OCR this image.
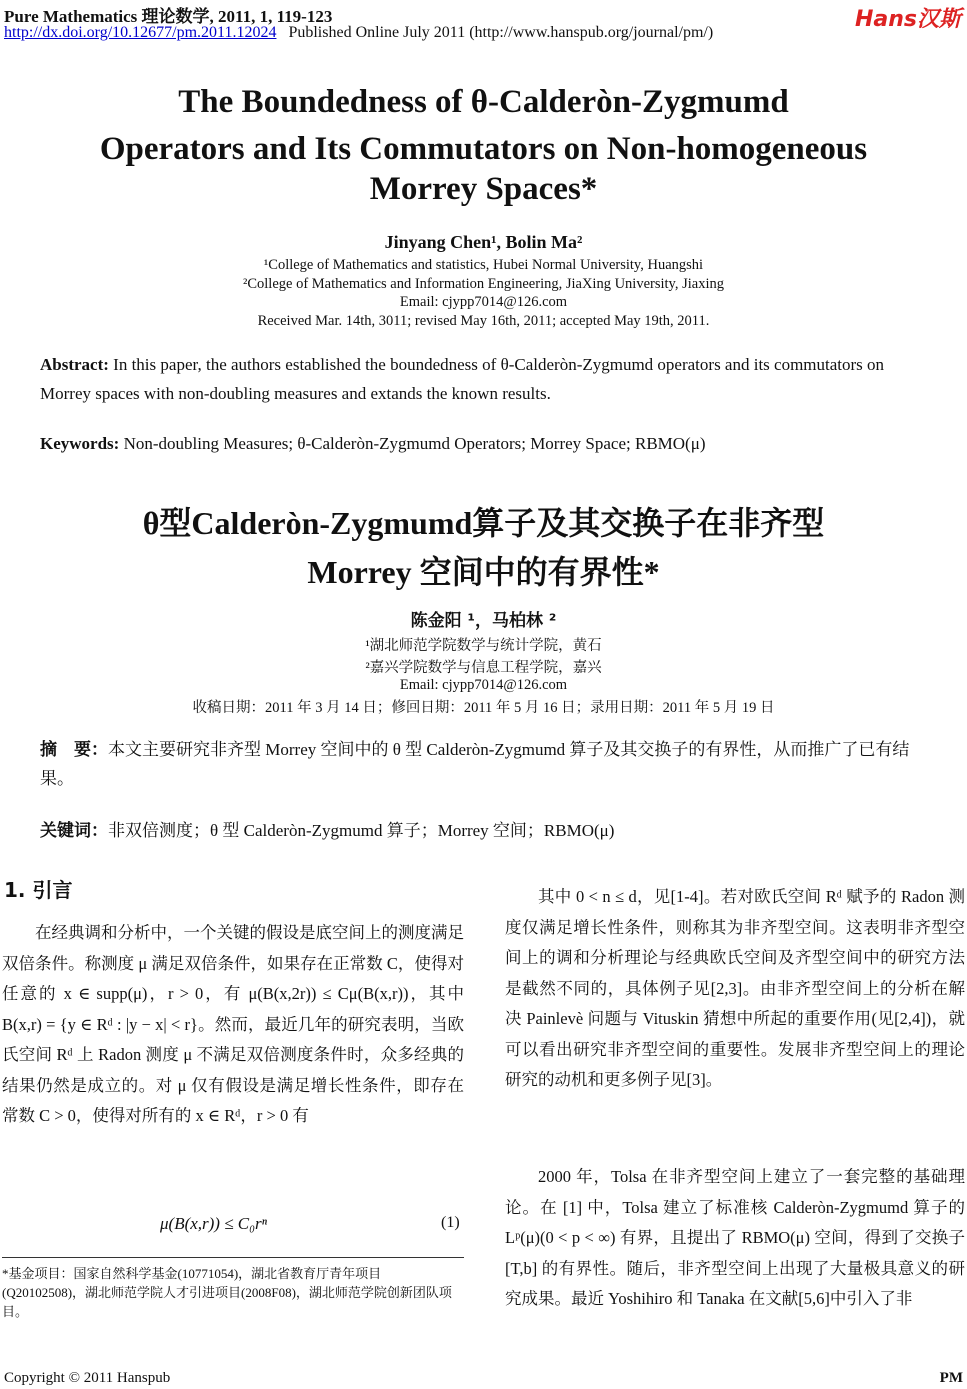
Pure Mathematics 理论数学, 2011, 1, 119-123
http://dx.doi.org/10.12677/pm.2011.12024 Published Online July 2011 (http://www.hanspub.org/journal/pm/)
Hans汉斯
The Boundedness of θ-Calderòn-Zygmumd
Operators and Its Commutators on Non-homogeneous
Morrey Spaces*
Jinyang Chen¹, Bolin Ma²
¹College of Mathematics and statistics, Hubei Normal University, Huangshi
²College of Mathematics and Information Engineering, JiaXing University, Jiaxing
Email: cjypp7014@126.com
Received Mar. 14th, 3011; revised May 16th, 2011; accepted May 19th, 2011.
Abstract: In this paper, the authors established the boundedness of θ-Calderòn-Zygmumd operators and its commutators on Morrey spaces with non-doubling measures and extands the known results.
Keywords: Non-doubling Measures; θ-Calderòn-Zygmumd Operators; Morrey Space; RBMO(μ)
θ型Calderòn-Zygmumd算子及其交换子在非齐型
Morrey 空间中的有界性*
陈金阳 ¹，马柏林 ²
¹湖北师范学院数学与统计学院，黄石
²嘉兴学院数学与信息工程学院，嘉兴
Email: cjypp7014@126.com
收稿日期：2011 年 3 月 14 日；修回日期：2011 年 5 月 16 日；录用日期：2011 年 5 月 19 日
摘　要：本文主要研究非齐型 Morrey 空间中的 θ 型 Calderòn-Zygmumd 算子及其交换子的有界性，从而推广了已有结果。
关键词：非双倍测度；θ 型 Calderòn-Zygmumd 算子；Morrey 空间；RBMO(μ)
1. 引言
在经典调和分析中，一个关键的假设是底空间上的测度满足双倍条件。称测度 μ 满足双倍条件，如果存在正常数 C，使得对任意的 x ∈ supp(μ)，r > 0，有 μ(B(x,2r)) ≤ Cμ(B(x,r))，其中 B(x,r) = {y ∈ Rᵈ : |y − x| < r}。然而，最近几年的研究表明，当欧氏空间 Rᵈ 上 Radon 测度 μ 不满足双倍测度条件时，众多经典的结果仍然是成立的。对 μ 仅有假设是满足增长性条件，即存在常数 C > 0，使得对所有的 x ∈ Rᵈ，r > 0 有
μ(B(x,r)) ≤ C₀rⁿ	(1)
*基金项目：国家自然科学基金(10771054)，湖北省教育厅青年项目(Q20102508)，湖北师范学院人才引进项目(2008F08)，湖北师范学院创新团队项目。
其中 0 < n ≤ d，见[1-4]。若对欧氏空间 Rᵈ 赋予的 Radon 测度仅满足增长性条件，则称其为非齐型空间。这表明非齐型空间上的调和分析理论与经典欧氏空间及齐型空间中的研究方法是截然不同的，具体例子见[2,3]。由非齐型空间上的分析在解决 Painlevè 问题与 Vituskin 猜想中所起的重要作用(见[2,4])，就可以看出研究非齐型空间的重要性。发展非齐型空间上的理论研究的动机和更多例子见[3]。
2000 年，Tolsa 在非齐型空间上建立了一套完整的基础理论。在 [1] 中，Tolsa 建立了标准核 Calderòn-Zygmumd 算子的 Lᵖ(μ)(0 < p < ∞) 有界，且提出了 RBMO(μ) 空间，得到了交换子 [T,b] 的有界性。随后，非齐型空间上出现了大量极具意义的研究成果。最近 Yoshihiro 和 Tanaka 在文献[5,6]中引入了非
Copyright © 2011 Hanspub	PM
